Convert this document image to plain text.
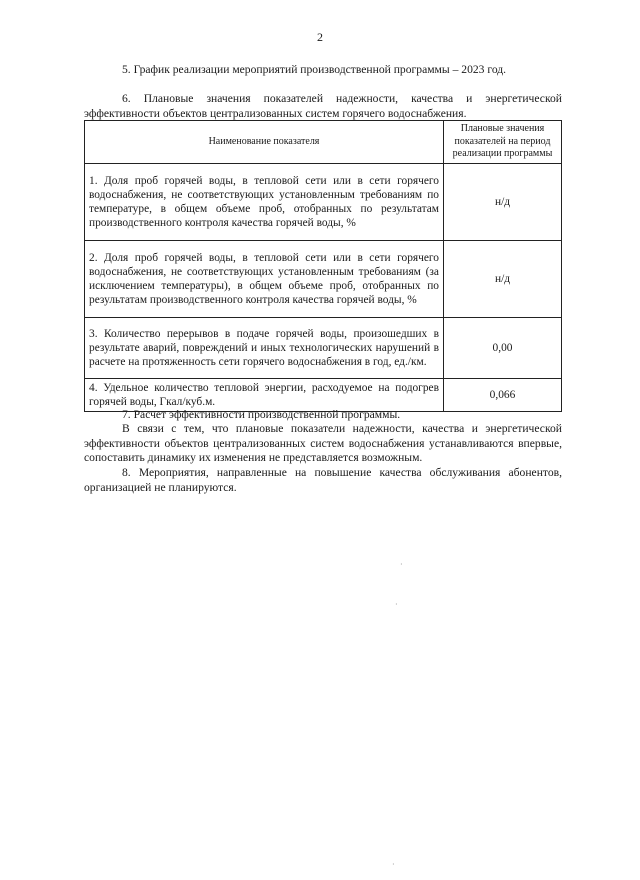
2
5. График реализации мероприятий производственной программы – 2023 год.
6. Плановые значения показателей надежности, качества и энергетической эффективности объектов централизованных систем горячего водоснабжения.
Наименование показателя	Плановые значения показателей на период реализации программы
1. Доля проб горячей воды, в тепловой сети или в сети горячего водоснабжения, не соответствующих установленным требованиям по температуре, в общем объеме проб, отобранных по результатам производственного контроля качества горячей воды, %	н/д
2. Доля проб горячей воды, в тепловой сети или в сети горячего водоснабжения, не соответствующих установленным требованиям (за исключением температуры), в общем объеме проб, отобранных по результатам производственного контроля качества горячей воды, %	н/д
3. Количество перерывов в подаче горячей воды, произошедших в результате аварий, повреждений и иных технологических нарушений в расчете на протяженность сети горячего водоснабжения в год, ед./км.	0,00
4. Удельное количество тепловой энергии, расходуемое на подогрев горячей воды, Гкал/куб.м.	0,066
7. Расчет эффективности производственной программы.
В связи с тем, что плановые показатели надежности, качества и энергетической эффективности объектов централизованных систем водоснабжения устанавливаются впервые, сопоставить динамику их изменения не представляется возможным.
8. Мероприятия, направленные на повышение качества обслуживания абонентов, организацией не планируются.
·
·
·
